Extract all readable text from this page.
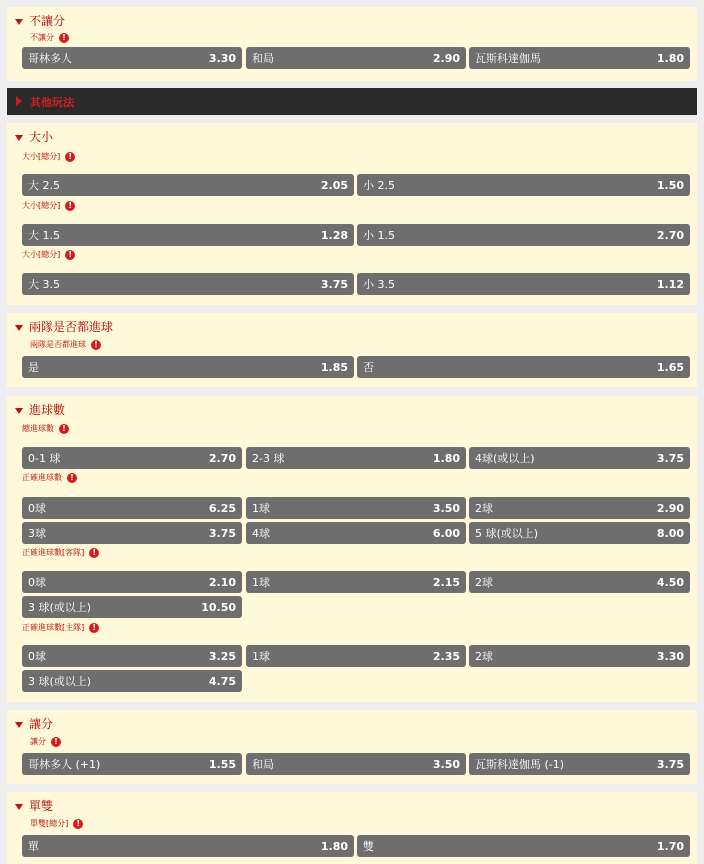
不讓分
不讓分 !
哥林多人	3.30 和局	2.90 瓦斯科達伽馬	1.80
其他玩法
大小
大小[總分] !
大 2.5	2.05 小 2.5	1.50
大小[總分] !
大 1.5	1.28 小 1.5	2.70
大小[總分] !
大 3.5	3.75 小 3.5	1.12
兩隊是否都進球
兩隊是否都進球 !
是	1.85 否	1.65
進球數
總進球數 !
0-1 球	2.70 2-3 球	1.80 4球(或以上)	3.75
正確進球數 !
0球	6.25 1球	3.50 2球	2.90
3球	3.75 4球	6.00 5 球(或以上)	8.00
正確進球數[客隊] !
0球	2.10 1球	2.15 2球	4.50
3 球(或以上)	10.50
正確進球數[主隊] !
0球	3.25 1球	2.35 2球	3.30
3 球(或以上)	4.75
讓分
讓分 !
哥林多人 (+1)	1.55 和局	3.50 瓦斯科達伽馬 (-1)	3.75
單雙
單雙[總分] !
單	1.80 雙	1.70
